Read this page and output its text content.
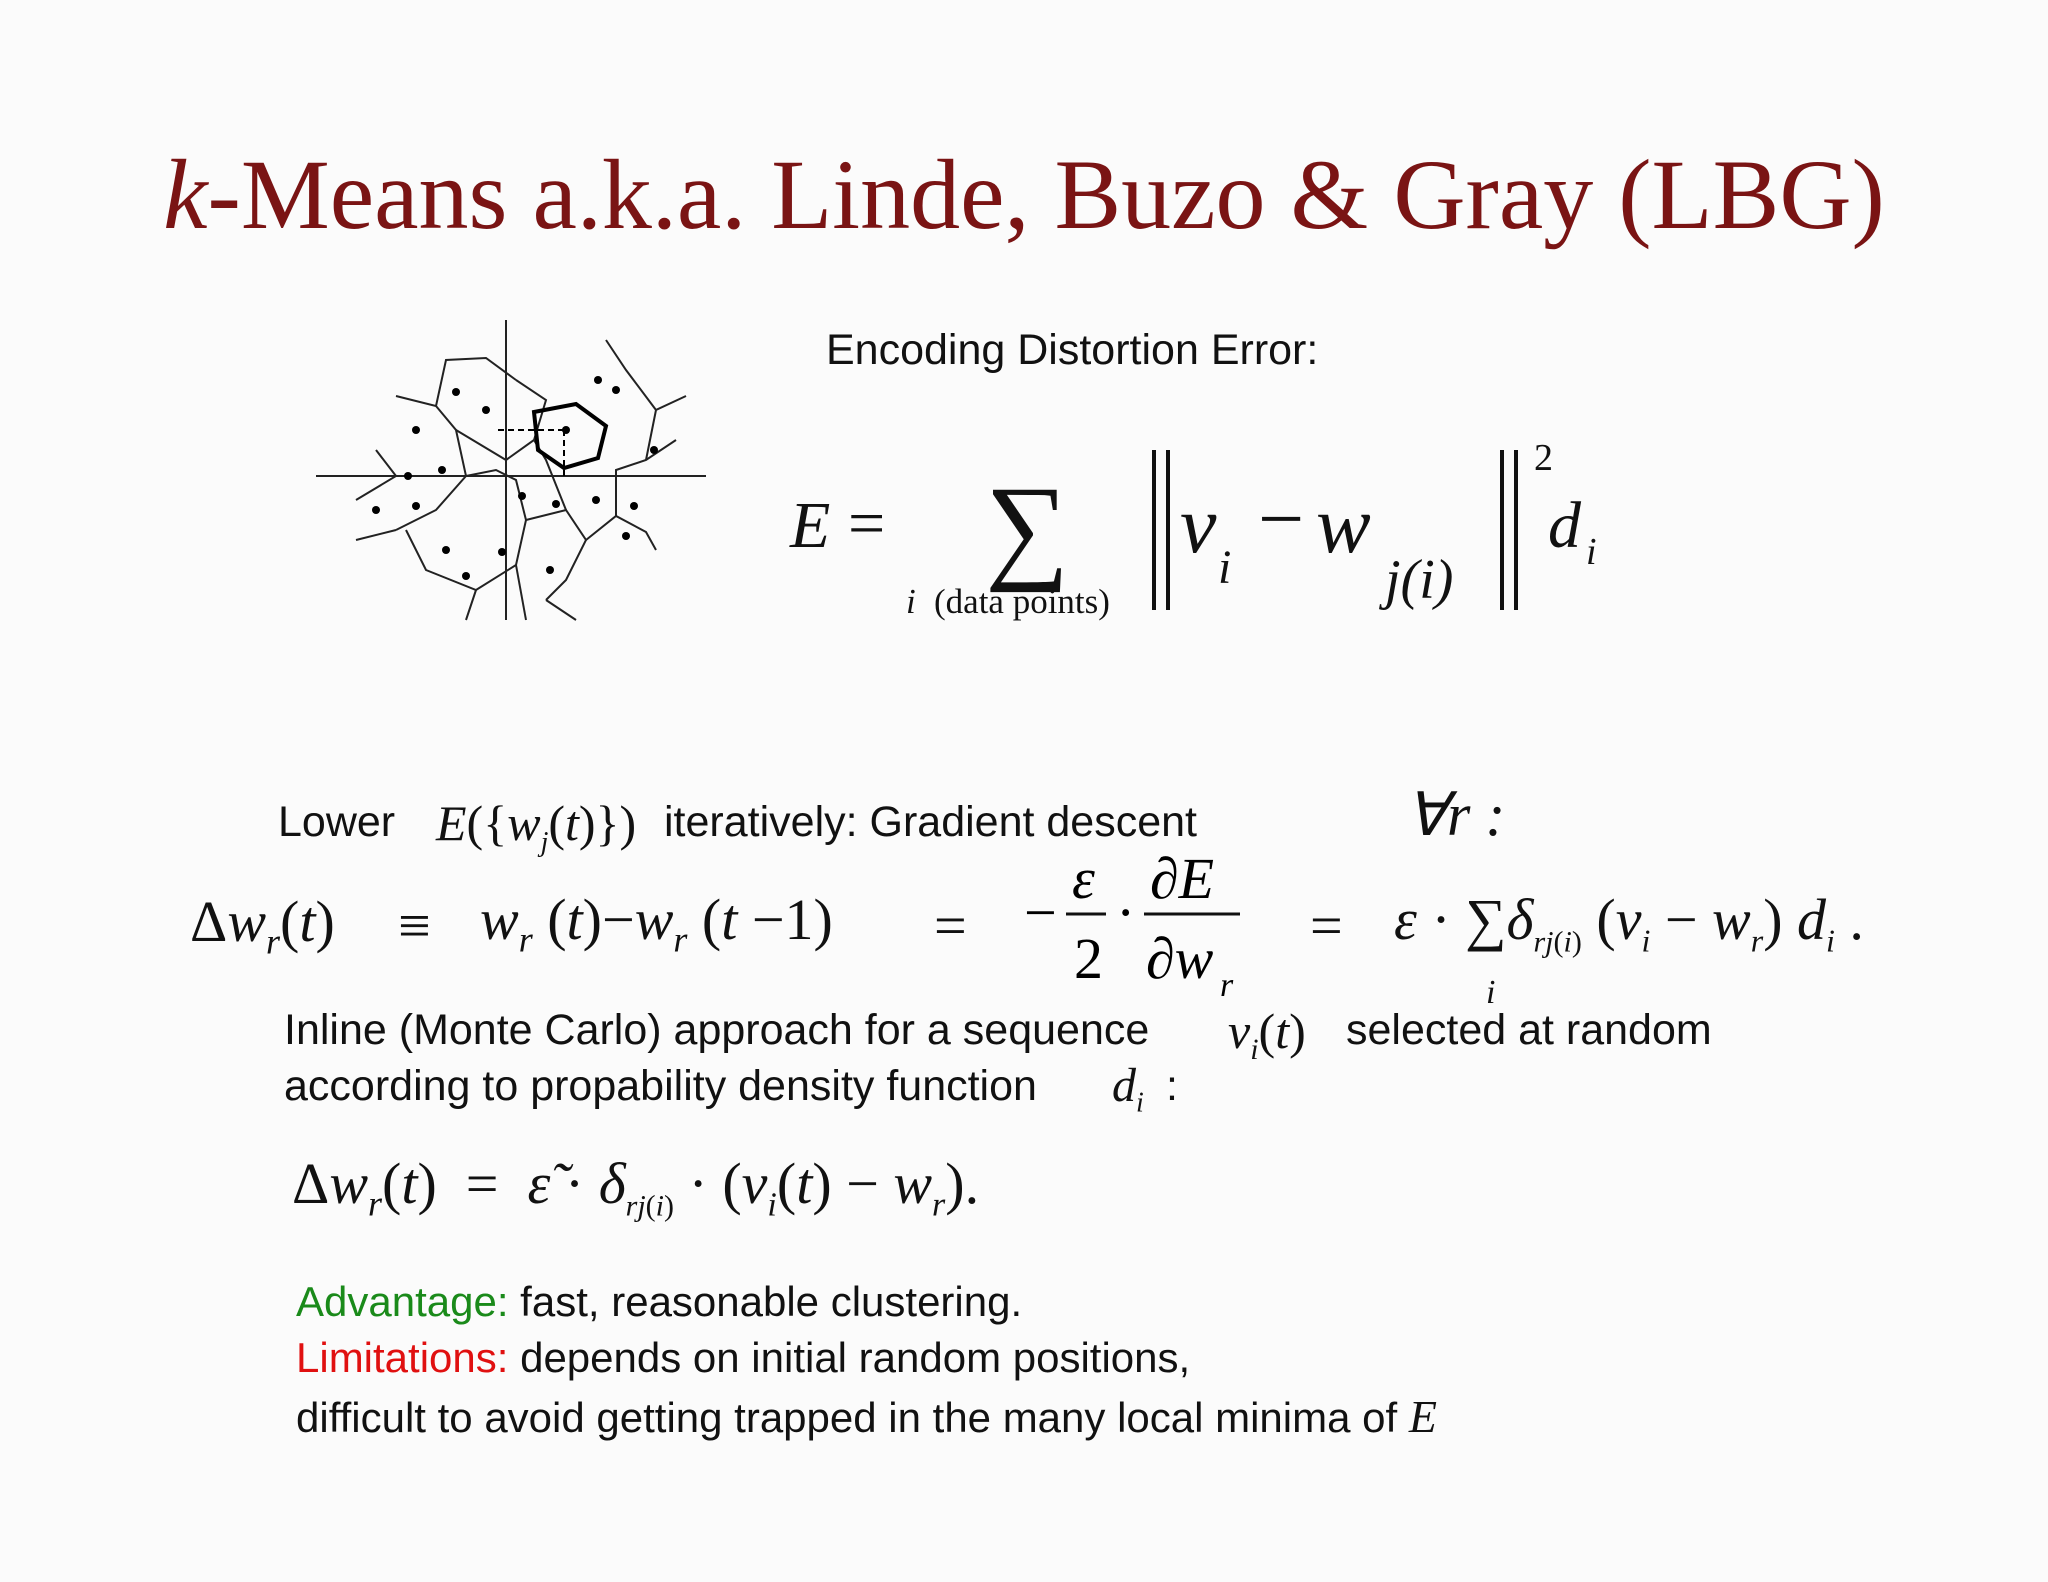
k-Means a.k.a. Linde, Buzo & Gray (LBG)
Encoding Distortion Error:
E = ∑
i (data points)
v i
− w
j(i)
2
d i
Lower $E(\{w_j(t)\})$ iteratively: Gradient descent	∀r :
$\Delta w_r(t) \equiv w_r$ $(t)-w_r$ (t −1) = −
ε
2
·
∂E
∂w r
= $\varepsilon \cdot \sum\delta_{rj(i)}$ $(v_i - w_r)$ $d_i$ .
i
Inline (Monte Carlo) approach for a sequence $v_i(t)$ selected at random
according to propability density function $d_i$ :
$\Delta w_r(t)$  =  ε̃ · $\delta_{rj(i)} \cdot (v_i(t) - w_r)$.
Advantage: fast, reasonable clustering.
Limitations: depends on initial random positions,
difficult to avoid getting trapped in the many local minima of E
